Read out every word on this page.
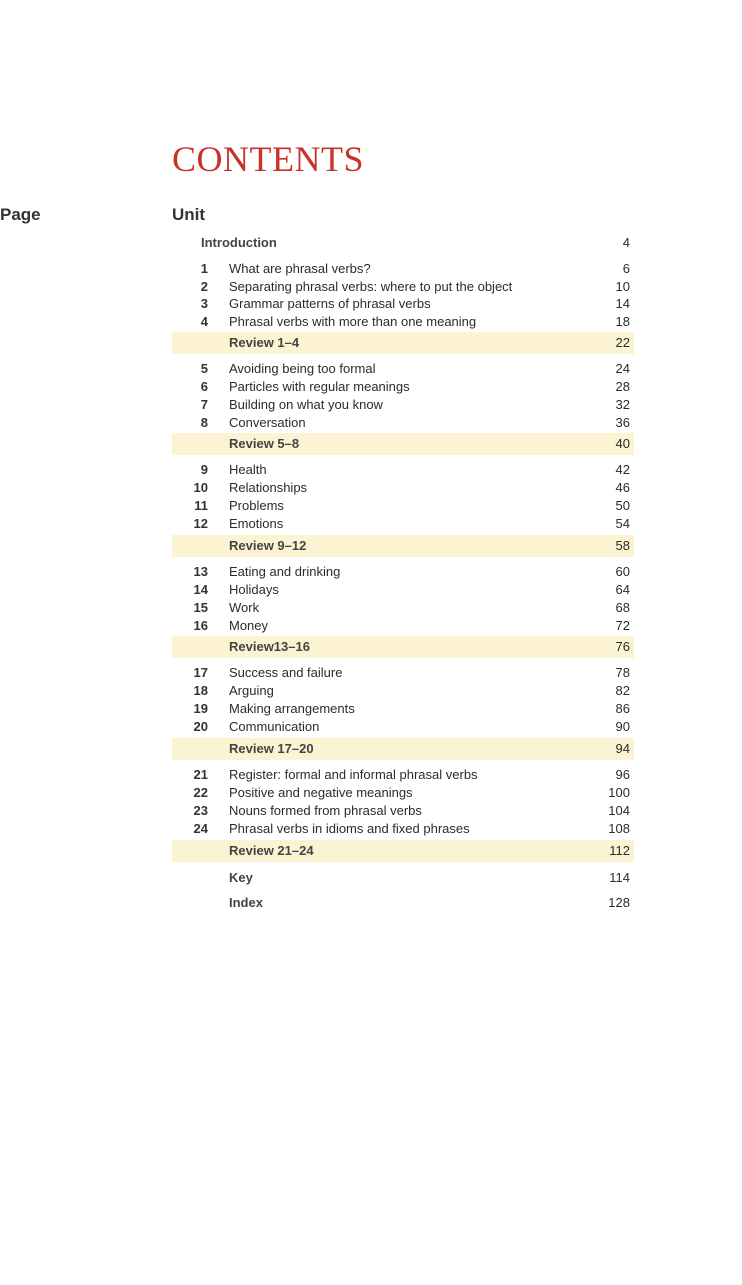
CONTENTS
Unit
Page
Introduction	4
1 What are phrasal verbs?	6
2 Separating phrasal verbs: where to put the object	10
3 Grammar patterns of phrasal verbs	14
4 Phrasal verbs with more than one meaning	18
Review 1–4	22
5 Avoiding being too formal	24
6 Particles with regular meanings	28
7 Building on what you know	32
8 Conversation	36
Review 5–8	40
9 Health	42
10 Relationships	46
11 Problems	50
12 Emotions	54
Review 9–12	58
13 Eating and drinking	60
14 Holidays	64
15 Work	68
16 Money	72
Review13–16	76
17 Success and failure	78
18 Arguing	82
19 Making arrangements	86
20 Communication	90
Review 17–20	94
21 Register: formal and informal phrasal verbs	96
22 Positive and negative meanings	100
23 Nouns formed from phrasal verbs	104
24 Phrasal verbs in idioms and fixed phrases	108
Review 21–24	112
Key	114
Index	128
